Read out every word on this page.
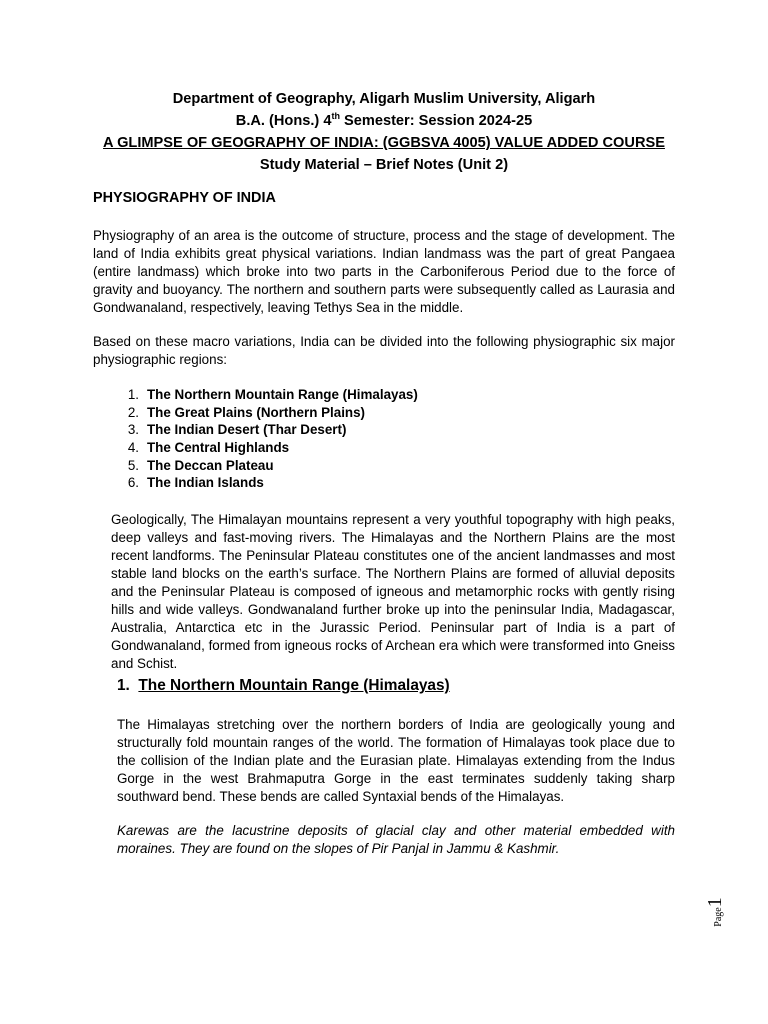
Department of Geography, Aligarh Muslim University, Aligarh
B.A. (Hons.) 4th Semester: Session 2024-25
A GLIMPSE OF GEOGRAPHY OF INDIA: (GGBSVA 4005) VALUE ADDED COURSE
Study Material – Brief Notes (Unit 2)
PHYSIOGRAPHY OF INDIA

Physiography of an area is the outcome of structure, process and the stage of development. The land of India exhibits great physical variations. Indian landmass was the part of great Pangaea (entire landmass) which broke into two parts in the Carboniferous Period due to the force of gravity and buoyancy. The northern and southern parts were subsequently called as Laurasia and Gondwanaland, respectively, leaving Tethys Sea in the middle.

Based on these macro variations, India can be divided into the following physiographic six major physiographic regions:

1. The Northern Mountain Range (Himalayas)
2. The Great Plains (Northern Plains)
3. The Indian Desert (Thar Desert)
4. The Central Highlands
5. The Deccan Plateau
6. The Indian Islands

Geologically, The Himalayan mountains represent a very youthful topography with high peaks, deep valleys and fast-moving rivers. The Himalayas and the Northern Plains are the most recent landforms. The Peninsular Plateau constitutes one of the ancient landmasses and most stable land blocks on the earth’s surface. The Northern Plains are formed of alluvial deposits and the Peninsular Plateau is composed of igneous and metamorphic rocks with gently rising hills and wide valleys. Gondwanaland further broke up into the peninsular India, Madagascar, Australia, Antarctica etc in the Jurassic Period. Peninsular part of India is a part of Gondwanaland, formed from igneous rocks of Archean era which were transformed into Gneiss and Schist.

1. The Northern Mountain Range (Himalayas)

The Himalayas stretching over the northern borders of India are geologically young and structurally fold mountain ranges of the world. The formation of Himalayas took place due to the collision of the Indian plate and the Eurasian plate. Himalayas extending from the Indus Gorge in the west Brahmaputra Gorge in the east terminates suddenly taking sharp southward bend. These bends are called Syntaxial bends of the Himalayas.

Karewas are the lacustrine deposits of glacial clay and other material embedded with moraines. They are found on the slopes of Pir Panjal in Jammu & Kashmir.

Page
1
